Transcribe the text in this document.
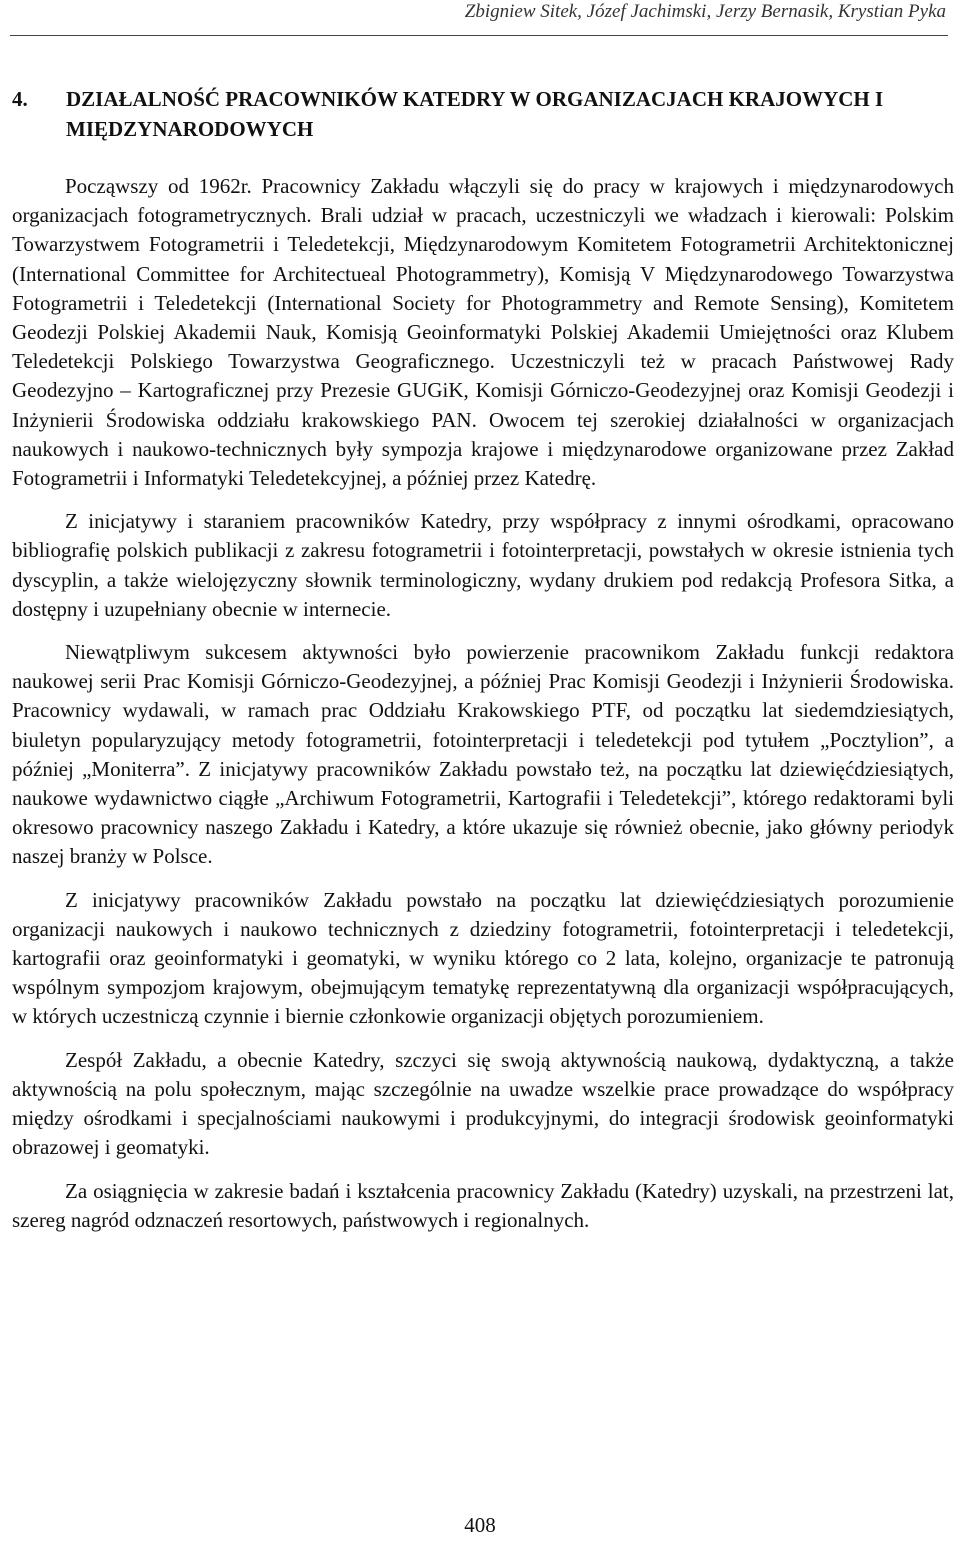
Zbigniew Sitek, Józef Jachimski, Jerzy Bernasik, Krystian Pyka
4.	DZIAŁALNOŚĆ PRACOWNIKÓW KATEDRY W ORGANIZACJACH KRAJOWYCH I MIĘDZYNARODOWYCH

Począwszy od 1962r. Pracownicy Zakładu włączyli się do pracy w krajowych i międzynarodowych organizacjach fotogrametrycznych. Brali udział w pracach, uczestniczyli we władzach i kierowali: Polskim Towarzystwem Fotogrametrii i Teledetekcji, Międzynarodowym Komitetem Fotogrametrii Architektonicznej (International Committee for Architectueal Photogrammetry), Komisją V Międzynarodowego Towarzystwa Fotogrametrii i Teledetekcji (International Society for Photogrammetry and Remote Sensing), Komitetem Geodezji Polskiej Akademii Nauk, Komisją Geoinformatyki Polskiej Akademii Umiejętności oraz Klubem Teledetekcji Polskiego Towarzystwa Geograficznego. Uczestniczyli też w pracach Państwowej Rady Geodezyjno – Kartograficznej przy Prezesie GUGiK, Komisji Górniczo-Geodezyjnej oraz Komisji Geodezji i Inżynierii Środowiska oddziału krakowskiego PAN. Owocem tej szerokiej działalności w organizacjach naukowych i naukowo-technicznych były sympozja krajowe i międzynarodowe organizowane przez Zakład Fotogrametrii i Informatyki Teledetekcyjnej, a później przez Katedrę.

Z inicjatywy i staraniem pracowników Katedry, przy współpracy z innymi ośrodkami, opracowano bibliografię polskich publikacji z zakresu fotogrametrii i fotointerpretacji, powstałych w okresie istnienia tych dyscyplin, a także wielojęzyczny słownik terminologiczny, wydany drukiem pod redakcją Profesora Sitka, a dostępny i uzupełniany obecnie w internecie.

Niewątpliwym sukcesem aktywności było powierzenie pracownikom Zakładu funkcji redaktora naukowej serii Prac Komisji Górniczo-Geodezyjnej, a później Prac Komisji Geodezji i Inżynierii Środowiska. Pracownicy wydawali, w ramach prac Oddziału Krakowskiego PTF, od początku lat siedemdziesiątych, biuletyn popularyzujący metody fotogrametrii, fotointerpretacji i teledetekcji pod tytułem „Pocztylion”, a później „Moniterra”. Z inicjatywy pracowników Zakładu powstało też, na początku lat dziewięćdziesiątych, naukowe wydawnictwo ciągłe „Archiwum Fotogrametrii, Kartografii i Teledetekcji”, którego redaktorami byli okresowo pracownicy naszego Zakładu i Katedry, a które ukazuje się również obecnie, jako główny periodyk naszej branży w Polsce.

Z inicjatywy pracowników Zakładu powstało na początku lat dziewięćdziesiątych porozumienie organizacji naukowych i naukowo technicznych z dziedziny fotogrametrii, fotointerpretacji i teledetekcji, kartografii oraz geoinformatyki i geomatyki, w wyniku którego co 2 lata, kolejno, organizacje te patronują wspólnym sympozjom krajowym, obejmującym tematykę reprezentatywną dla organizacji współpracujących, w których uczestniczą czynnie i biernie członkowie organizacji objętych porozumieniem.

Zespół Zakładu, a obecnie Katedry, szczyci się swoją aktywnością naukową, dydaktyczną, a także aktywnością na polu społecznym, mając szczególnie na uwadze wszelkie prace prowadzące do współpracy między ośrodkami i specjalnościami naukowymi i produkcyjnymi, do integracji środowisk geoinformatyki obrazowej i geomatyki.

Za osiągnięcia w zakresie badań i kształcenia pracownicy Zakładu (Katedry) uzyskali, na przestrzeni lat, szereg nagród odznaczeń resortowych, państwowych i regionalnych.

408
